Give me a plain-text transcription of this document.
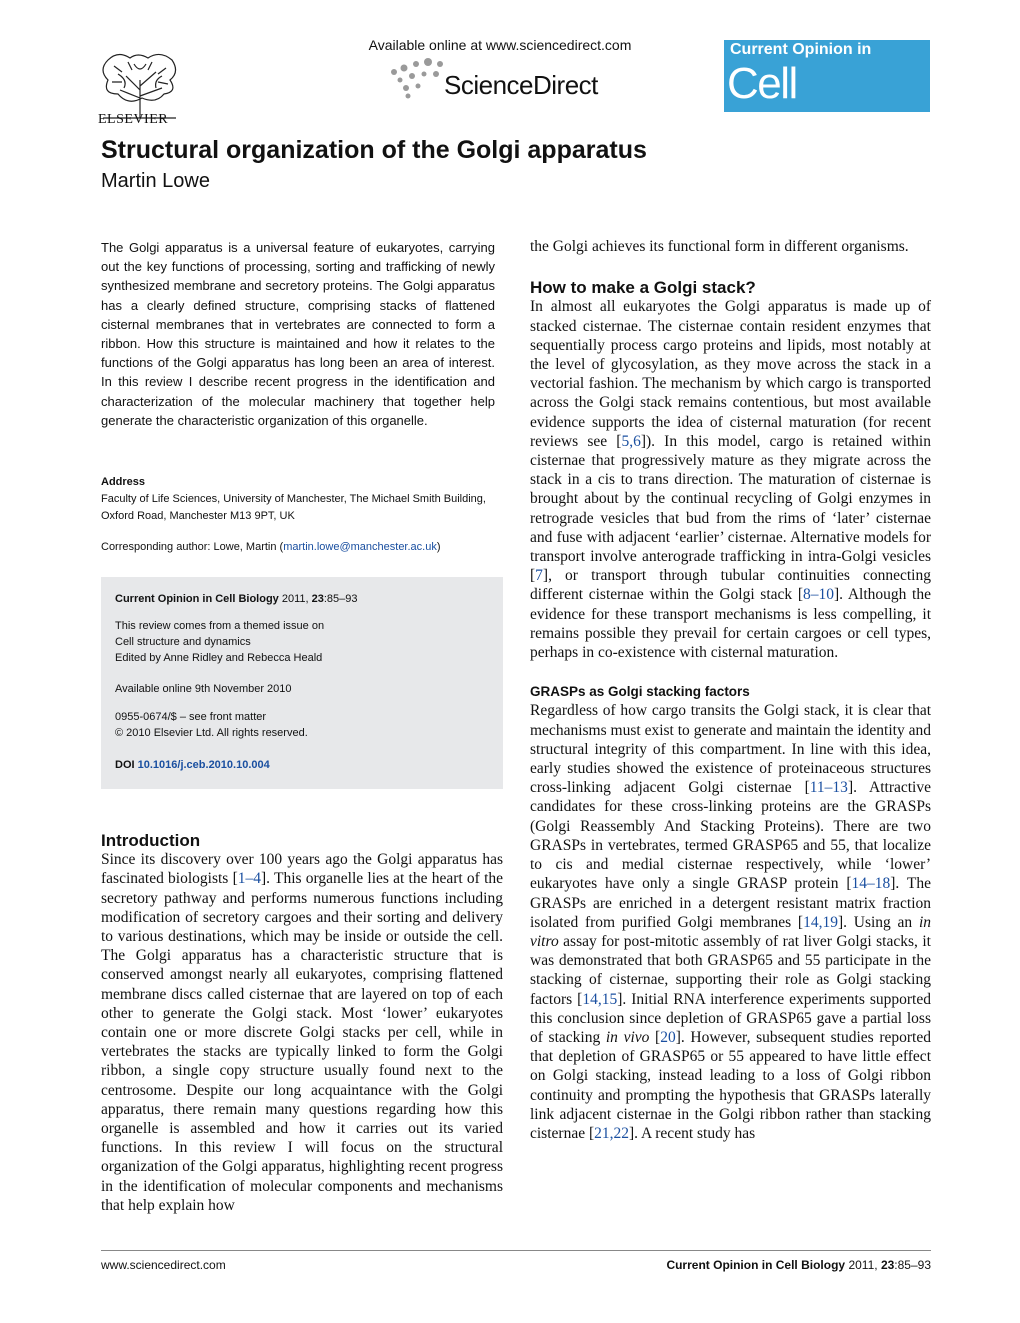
ELSEVIER
Available online at www.sciencedirect.com
ScienceDirect
Current Opinion in
Cell Biology
Structural organization of the Golgi apparatus
Martin Lowe
The Golgi apparatus is a universal feature of eukaryotes, carrying out the key functions of processing, sorting and trafficking of newly synthesized membrane and secretory proteins. The Golgi apparatus has a clearly defined structure, comprising stacks of flattened cisternal membranes that in vertebrates are connected to form a ribbon. How this structure is maintained and how it relates to the functions of the Golgi apparatus has long been an area of interest. In this review I describe recent progress in the identification and characterization of the molecular machinery that together help generate the characteristic organization of this organelle.
Address
Faculty of Life Sciences, University of Manchester, The Michael Smith Building, Oxford Road, Manchester M13 9PT, UK
Corresponding author: Lowe, Martin (martin.lowe@manchester.ac.uk)
Current Opinion in Cell Biology 2011, 23:85–93
This review comes from a themed issue on
Cell structure and dynamics
Edited by Anne Ridley and Rebecca Heald
Available online 9th November 2010
0955-0674/$ – see front matter
© 2010 Elsevier Ltd. All rights reserved.
DOI 10.1016/j.ceb.2010.10.004
Introduction

Since its discovery over 100 years ago the Golgi apparatus has fascinated biologists [1–4]. This organelle lies at the heart of the secretory pathway and performs numerous functions including modification of secretory cargoes and their sorting and delivery to various destinations, which may be inside or outside the cell. The Golgi apparatus has a characteristic structure that is conserved amongst nearly all eukaryotes, comprising flattened membrane discs called cisternae that are layered on top of each other to generate the Golgi stack. Most ‘lower’ eukaryotes contain one or more discrete Golgi stacks per cell, while in vertebrates the stacks are typically linked to form the Golgi ribbon, a single copy structure usually found next to the centrosome. Despite our long acquaintance with the Golgi apparatus, there remain many questions regarding how this organelle is assembled and how it carries out its varied functions. In this review I will focus on the structural organization of the Golgi apparatus, highlighting recent progress in the identification of molecular components and mechanisms that help explain how

the Golgi achieves its functional form in different organisms.

How to make a Golgi stack?

In almost all eukaryotes the Golgi apparatus is made up of stacked cisternae. The cisternae contain resident enzymes that sequentially process cargo proteins and lipids, most notably at the level of glycosylation, as they move across the stack in a vectorial fashion. The mechanism by which cargo is transported across the Golgi stack remains contentious, but most available evidence supports the idea of cisternal maturation (for recent reviews see [5,6]). In this model, cargo is retained within cisternae that progressively mature as they migrate across the stack in a cis to trans direction. The maturation of cisternae is brought about by the continual recycling of Golgi enzymes in retrograde vesicles that bud from the rims of ‘later’ cisternae and fuse with adjacent ‘earlier’ cisternae. Alternative models for transport involve anterograde trafficking in intra-Golgi vesicles [7], or transport through tubular continuities connecting different cisternae within the Golgi stack [8–10]. Although the evidence for these transport mechanisms is less compelling, it remains possible they prevail for certain cargoes or cell types, perhaps in co-existence with cisternal maturation.

GRASPs as Golgi stacking factors

Regardless of how cargo transits the Golgi stack, it is clear that mechanisms must exist to generate and maintain the identity and structural integrity of this compartment. In line with this idea, early studies showed the existence of proteinaceous structures cross-linking adjacent Golgi cisternae [11–13]. Attractive candidates for these cross-linking proteins are the GRASPs (Golgi Reassembly And Stacking Proteins). There are two GRASPs in vertebrates, termed GRASP65 and 55, that localize to cis and medial cisternae respectively, while ‘lower’ eukaryotes have only a single GRASP protein [14–18]. The GRASPs are enriched in a detergent resistant matrix fraction isolated from purified Golgi membranes [14,19]. Using an in vitro assay for post-mitotic assembly of rat liver Golgi stacks, it was demonstrated that both GRASP65 and 55 participate in the stacking of cisternae, supporting their role as Golgi stacking factors [14,15]. Initial RNA interference experiments supported this conclusion since depletion of GRASP65 gave a partial loss of stacking in vivo [20]. However, subsequent studies reported that depletion of GRASP65 or 55 appeared to have little effect on Golgi stacking, instead leading to a loss of Golgi ribbon continuity and prompting the hypothesis that GRASPs laterally link adjacent cisternae in the Golgi ribbon rather than stacking cisternae [21,22]. A recent study has

www.sciencedirect.com	Current Opinion in Cell Biology 2011, 23:85–93
